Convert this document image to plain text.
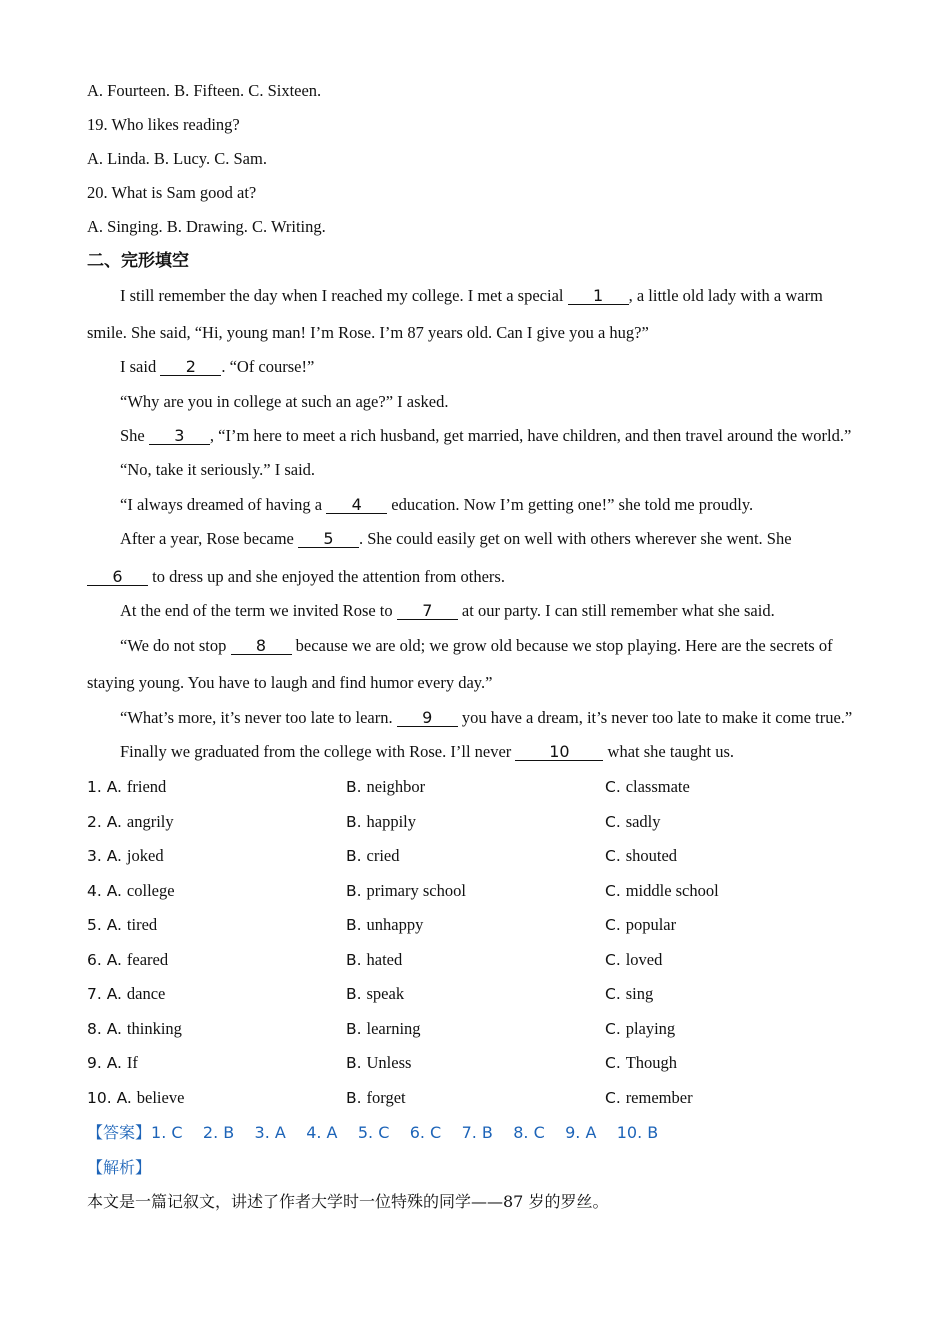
A. Fourteen. B. Fifteen. C. Sixteen.
19. Who likes reading?
A. Linda. B. Lucy. C. Sam.
20. What is Sam good at?
A. Singing. B. Drawing. C. Writing.
二、完形填空
I still remember the day when I reached my college. I met a special 1 , a little old lady with a warm
smile. She said, “Hi, young man! I’m Rose. I’m 87 years old. Can I give you a hug?”
I said 2 . “Of course!”
“Why are you in college at such an age?” I asked.
She 3 , “I’m here to meet a rich husband, get married, have children, and then travel around the world.”
“No, take it seriously.” I said.
“I always dreamed of having a 4 education. Now I’m getting one!” she told me proudly.
After a year, Rose became 5 . She could easily get on well with others wherever she went. She
6 to dress up and she enjoyed the attention from others.
At the end of the term we invited Rose to 7 at our party. I can still remember what she said.
“We do not stop 8 because we are old; we grow old because we stop playing. Here are the secrets of
staying young. You have to laugh and find humor every day.”
“What’s more, it’s never too late to learn. 9 you have a dream, it’s never too late to make it come true.”
Finally we graduated from the college with Rose. I’ll never 10 what she taught us.
1. A. friend	B. neighbor	C. classmate
2. A. angrily	B. happily	C. sadly
3. A. joked	B. cried	C. shouted
4. A. college	B. primary school	C. middle school
5. A. tired	B. unhappy	C. popular
6. A. feared	B. hated	C. loved
7. A. dance	B. speak	C. sing
8. A. thinking	B. learning	C. playing
9. A. If	B. Unless	C. Though
10. A. believe	B. forget	C. remember
【答案】1. C    2. B    3. A    4. A    5. C    6. C    7. B    8. C    9. A    10. B
【解析】
本文是一篇记叙文，讲述了作者大学时一位特殊的同学——87 岁的罗丝。
